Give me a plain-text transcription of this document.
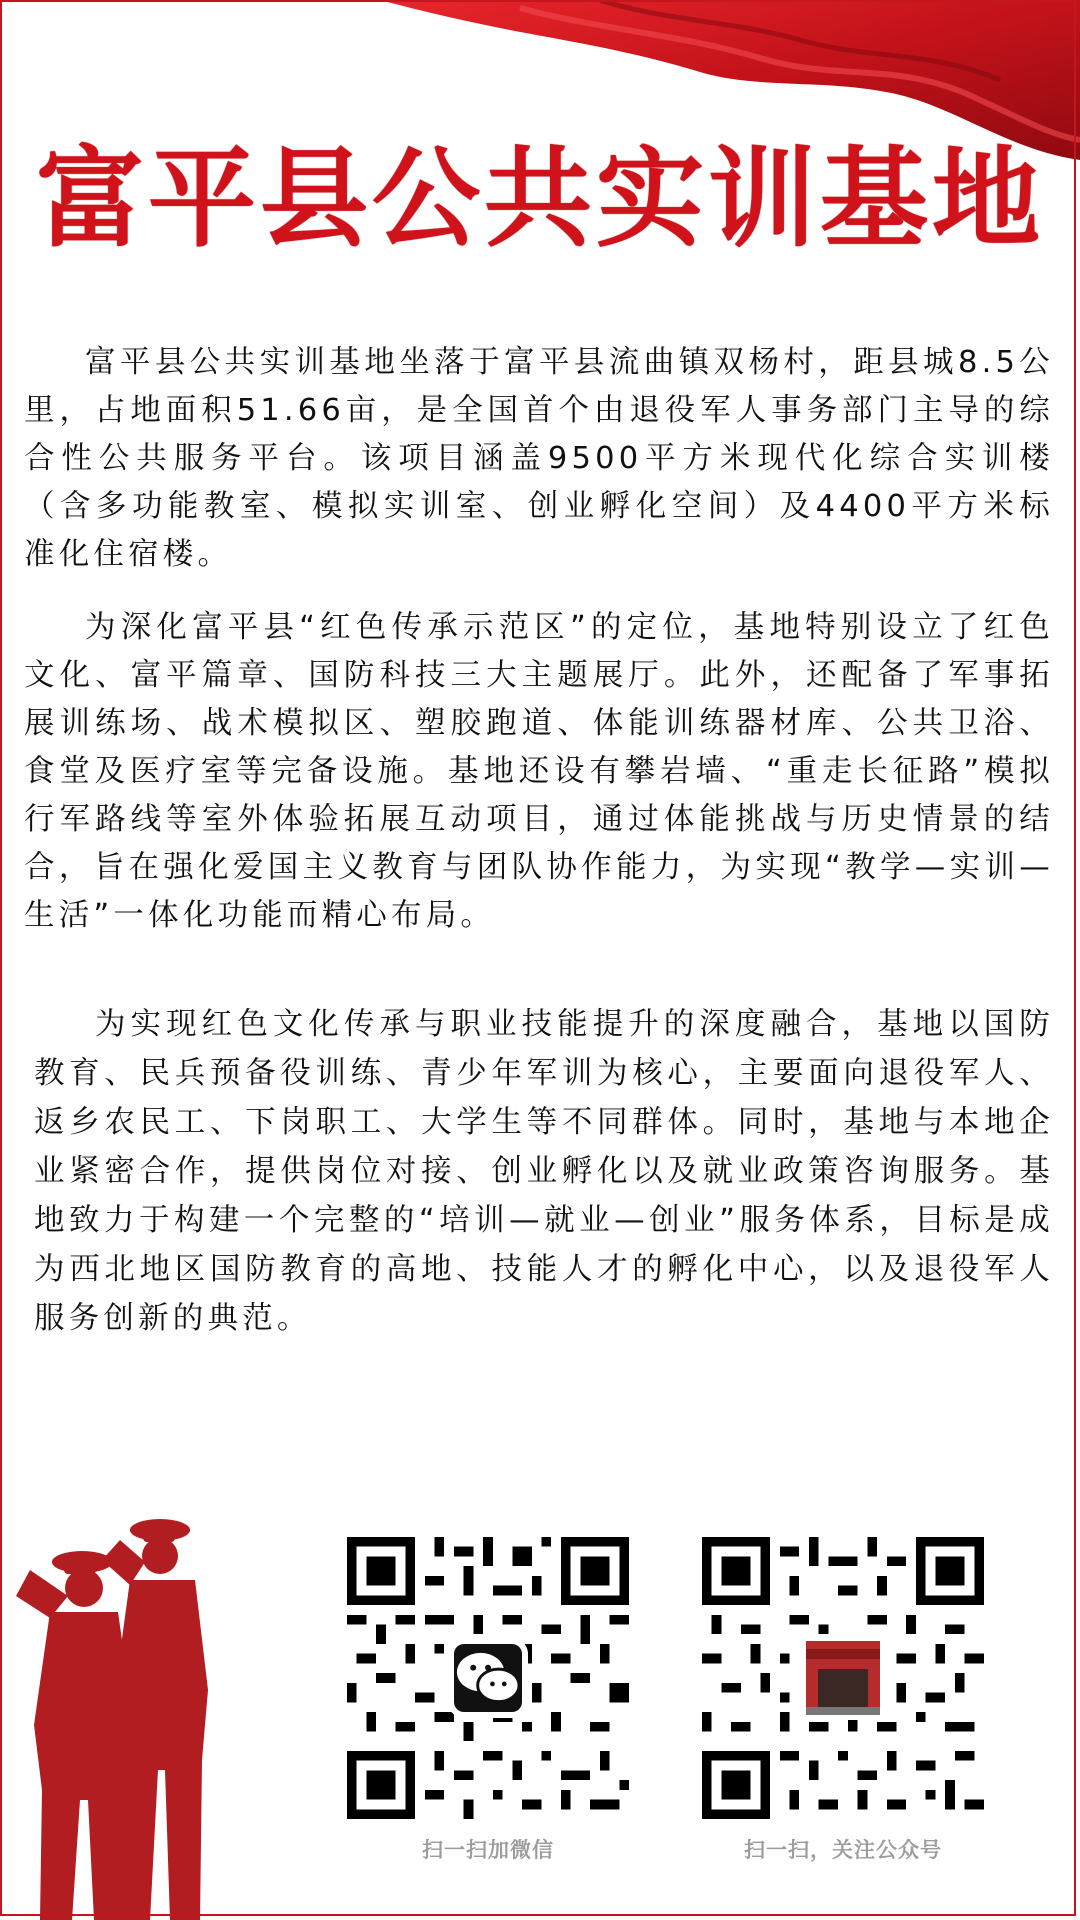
富平县公共实训基地

富平县公共实训基地坐落于富平县流曲镇双杨村，距县城8.5公里，占地面积51.66亩，是全国首个由退役军人事务部门主导的综合性公共服务平台。该项目涵盖9500平方米现代化综合实训楼（含多功能教室、模拟实训室、创业孵化空间）及4400平方米标准化住宿楼。

为深化富平县“红色传承示范区”的定位，基地特别设立了红色文化、富平篇章、国防科技三大主题展厅。此外，还配备了军事拓展训练场、战术模拟区、塑胶跑道、体能训练器材库、公共卫浴、食堂及医疗室等完备设施。基地还设有攀岩墙、“重走长征路”模拟行军路线等室外体验拓展互动项目，通过体能挑战与历史情景的结合，旨在强化爱国主义教育与团队协作能力，为实现“教学—实训—生活”一体化功能而精心布局。

为实现红色文化传承与职业技能提升的深度融合，基地以国防教育、民兵预备役训练、青少年军训为核心，主要面向退役军人、返乡农民工、下岗职工、大学生等不同群体。同时，基地与本地企业紧密合作，提供岗位对接、创业孵化以及就业政策咨询服务。基地致力于构建一个完整的“培训—就业—创业”服务体系，目标是成为西北地区国防教育的高地、技能人才的孵化中心，以及退役军人服务创新的典范。

扫一扫加微信	扫一扫，关注公众号
